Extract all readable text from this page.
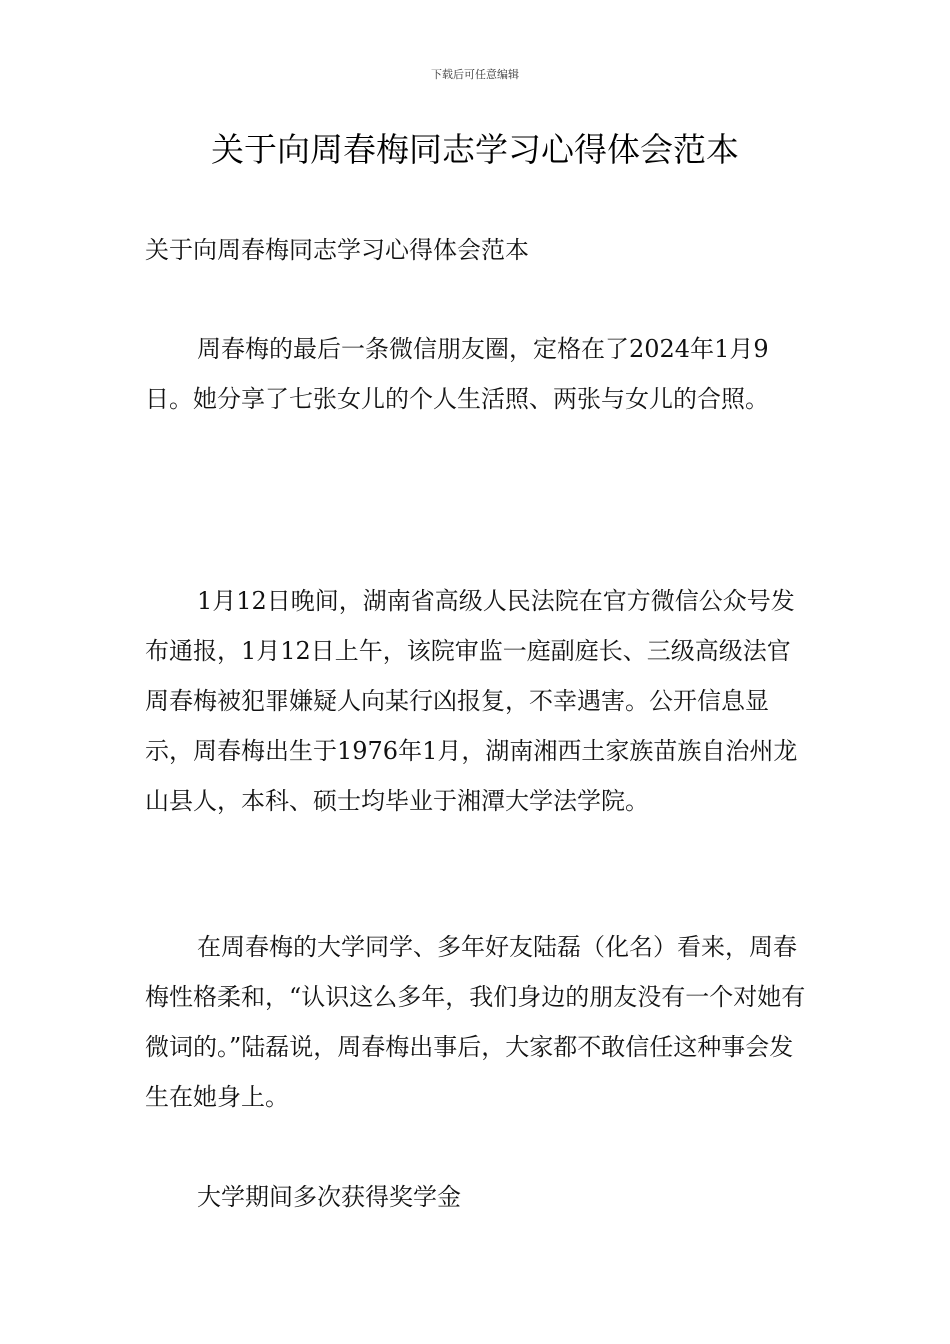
下载后可任意编辑
关于向周春梅同志学习心得体会范本

关于向周春梅同志学习心得体会范本

周春梅的最后一条微信朋友圈，定格在了2024年1月9日。她分享了七张女儿的个人生活照、两张与女儿的合照。

1月12日晚间，湖南省高级人民法院在官方微信公众号发布通报，1月12日上午，该院审监一庭副庭长、三级高级法官周春梅被犯罪嫌疑人向某行凶报复，不幸遇害。公开信息显示，周春梅出生于1976年1月，湖南湘西土家族苗族自治州龙山县人，本科、硕士均毕业于湘潭大学法学院。

在周春梅的大学同学、多年好友陆磊（化名）看来，周春梅性格柔和，“认识这么多年，我们身边的朋友没有一个对她有微词的。”陆磊说，周春梅出事后，大家都不敢信任这种事会发生在她身上。

大学期间多次获得奖学金
